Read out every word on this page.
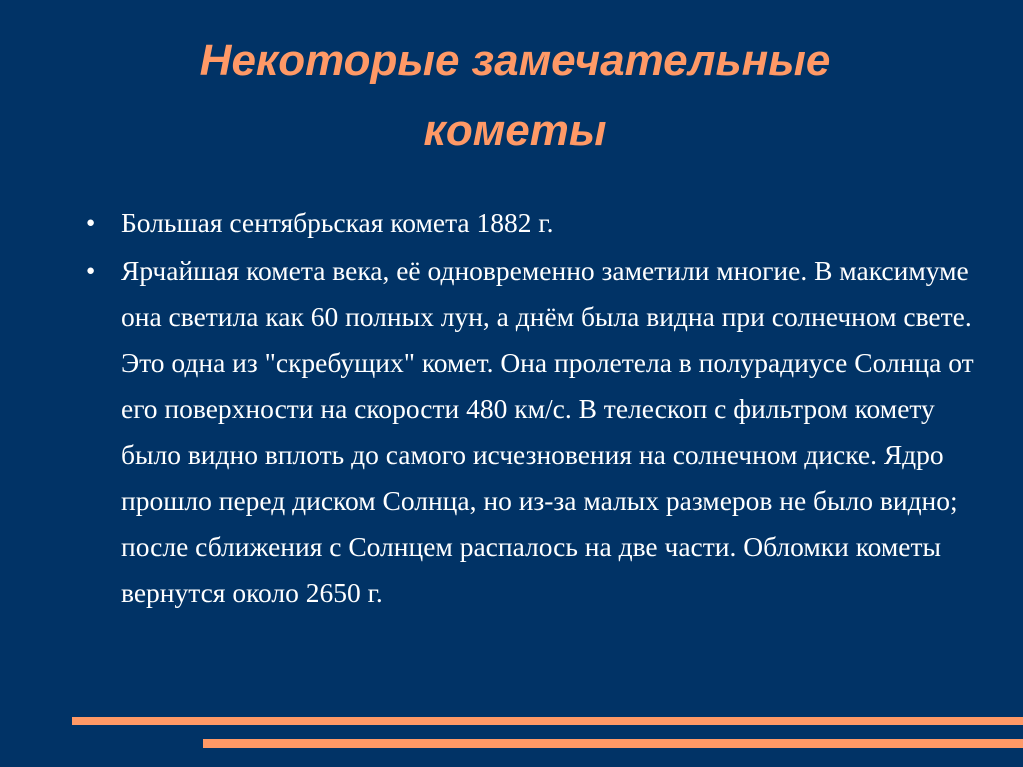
Некоторые замечательные
кометы
● Большая сентябрьская комета 1882 г.
● Ярчайшая комета века, её одновременно заметили многие. В максимуме она светила как 60 полных лун, а днём была видна при солнечном свете. Это одна из "скребущих" комет. Она пролетела в полурадиусе Солнца от его поверхности на скорости 480 км/с. В телескоп с фильтром комету было видно вплоть до самого исчезновения на солнечном диске. Ядро прошло перед диском Солнца, но из-за малых размеров не было видно; после сближения с Солнцем распалось на две части. Обломки кометы вернутся около 2650 г.
